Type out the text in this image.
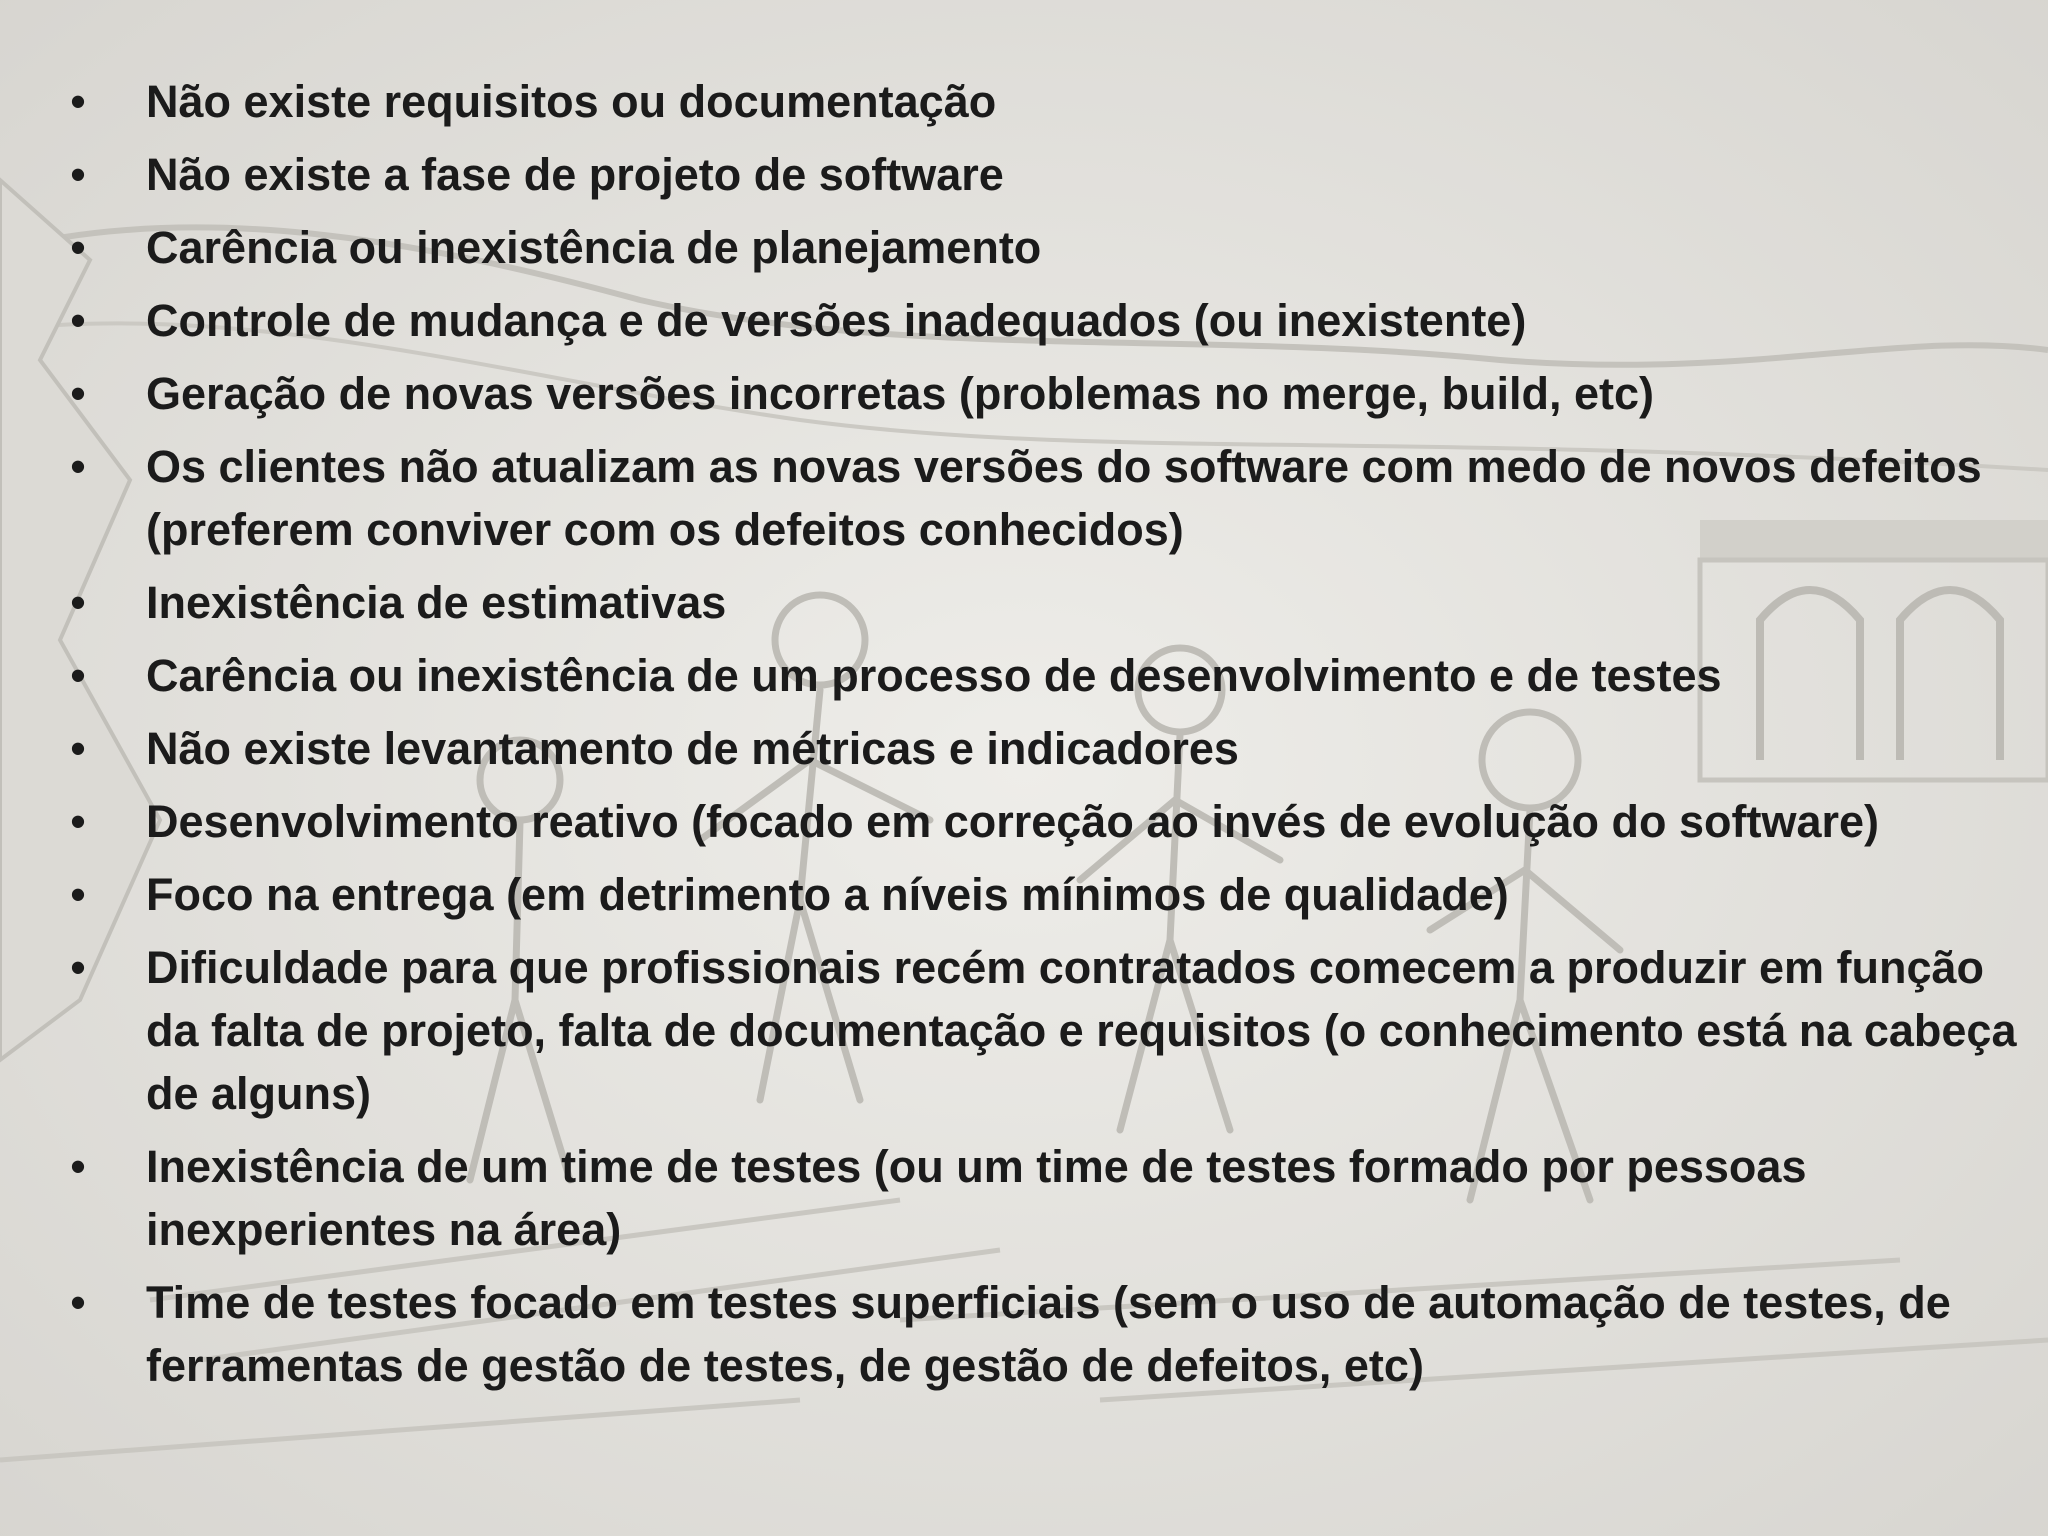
• Não existe requisitos ou documentação
• Não existe a fase de projeto de software
• Carência ou inexistência de planejamento
• Controle de mudança e de versões inadequados (ou inexistente)
• Geração de novas versões incorretas (problemas no merge, build, etc)
• Os clientes não atualizam as novas versões do software com medo de novos defeitos (preferem conviver com os defeitos conhecidos)
• Inexistência de estimativas
• Carência ou inexistência de um processo de desenvolvimento e de testes
• Não existe levantamento de métricas e indicadores
• Desenvolvimento reativo (focado em correção ao invés de evolução do software)
• Foco na entrega (em detrimento a níveis mínimos de qualidade)
• Dificuldade para que profissionais recém contratados comecem a produzir em função da falta de projeto, falta de documentação e requisitos (o conhecimento está na cabeça de alguns)
• Inexistência de um time de testes (ou um time de testes formado por pessoas inexperientes na área)
• Time de testes focado em testes superficiais (sem o uso de automação de testes, de ferramentas de gestão de testes, de gestão de defeitos, etc)
